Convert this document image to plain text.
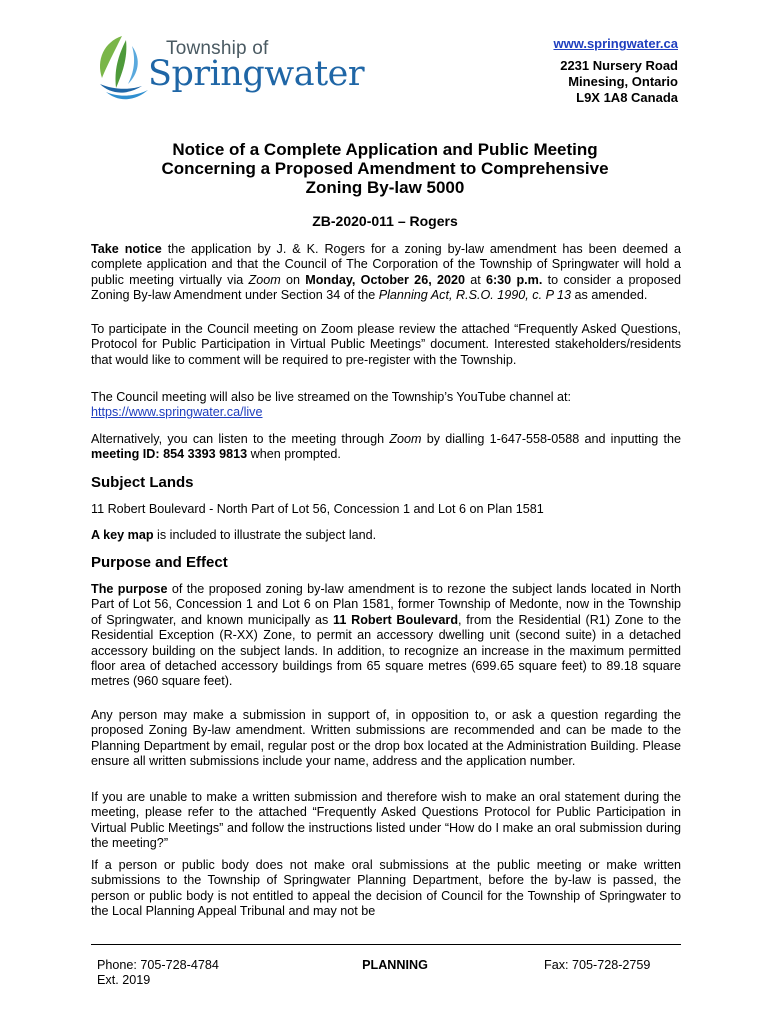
Township of
Springwater
www.springwater.ca
2231 Nursery Road
Minesing, Ontario
L9X 1A8 Canada
Notice of a Complete Application and Public Meeting
Concerning a Proposed Amendment to Comprehensive
Zoning By-law 5000
ZB-2020-011 – Rogers
Take notice the application by J. & K. Rogers for a zoning by-law amendment has been deemed a complete application and that the Council of The Corporation of the Township of Springwater will hold a public meeting virtually via Zoom on Monday, October 26, 2020 at 6:30 p.m. to consider a proposed Zoning By-law Amendment under Section 34 of the Planning Act, R.S.O. 1990, c. P 13 as amended.
To participate in the Council meeting on Zoom please review the attached “Frequently Asked Questions, Protocol for Public Participation in Virtual Public Meetings” document. Interested stakeholders/residents that would like to comment will be required to pre-register with the Township.
The Council meeting will also be live streamed on the Township’s YouTube channel at:
https://www.springwater.ca/live
Alternatively, you can listen to the meeting through Zoom by dialling 1-647-558-0588 and inputting the meeting ID: 854 3393 9813 when prompted.
Subject Lands
11 Robert Boulevard - North Part of Lot 56, Concession 1 and Lot 6 on Plan 1581
A key map is included to illustrate the subject land.
Purpose and Effect
The purpose of the proposed zoning by-law amendment is to rezone the subject lands located in North Part of Lot 56, Concession 1 and Lot 6 on Plan 1581, former Township of Medonte, now in the Township of Springwater, and known municipally as 11 Robert Boulevard, from the Residential (R1) Zone to the Residential Exception (R-XX) Zone, to permit an accessory dwelling unit (second suite) in a detached accessory building on the subject lands. In addition, to recognize an increase in the maximum permitted floor area of detached accessory buildings from 65 square metres (699.65 square feet) to 89.18 square metres (960 square feet).
Any person may make a submission in support of, in opposition to, or ask a question regarding the proposed Zoning By-law amendment. Written submissions are recommended and can be made to the Planning Department by email, regular post or the drop box located at the Administration Building. Please ensure all written submissions include your name, address and the application number.
If you are unable to make a written submission and therefore wish to make an oral statement during the meeting, please refer to the attached “Frequently Asked Questions Protocol for Public Participation in Virtual Public Meetings” and follow the instructions listed under “How do I make an oral submission during the meeting?”
If a person or public body does not make oral submissions at the public meeting or make written submissions to the Township of Springwater Planning Department, before the by-law is passed, the person or public body is not entitled to appeal the decision of Council for the Township of Springwater to the Local Planning Appeal Tribunal and may not be
Phone: 705-728-4784
Ext. 2019
PLANNING	Fax: 705-728-2759
